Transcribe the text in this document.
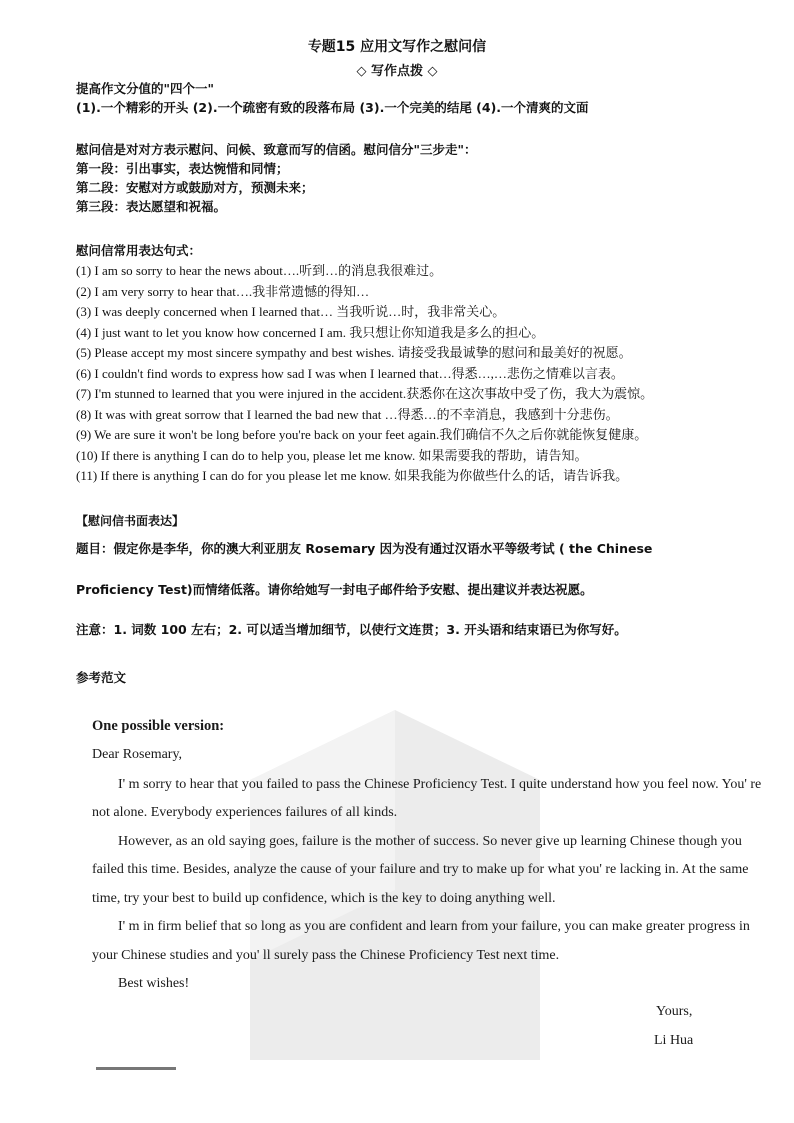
专题15 应用文写作之慰问信
◇ 写作点拨 ◇
提高作文分值的"四个一"
(1).一个精彩的开头 (2).一个疏密有致的段落布局 (3).一个完美的结尾 (4).一个清爽的文面
慰问信是对对方表示慰问、问候、致意而写的信函。慰问信分"三步走"：
第一段：引出事实，表达惋惜和同情；
第二段：安慰对方或鼓励对方，预测未来；
第三段：表达愿望和祝福。
慰问信常用表达句式：
(1) I am so sorry to hear the news about….听到…的消息我很难过。
(2) I am very sorry to hear that….我非常遗憾的得知…
(3) I was deeply concerned when I learned that… 当我听说…时，我非常关心。
(4) I just want to let you know how concerned I am. 我只想让你知道我是多么的担心。
(5) Please accept my most sincere sympathy and best wishes. 请接受我最诚挚的慰问和最美好的祝愿。
(6) I couldn't find words to express how sad I was when I learned that…得悉…,…悲伤之情难以言表。
(7) I'm stunned to learned that you were injured in the accident.获悉你在这次事故中受了伤，我大为震惊。
(8) It was with great sorrow that I learned the bad new that …得悉…的不幸消息，我感到十分悲伤。
(9) We are sure it won't be long before you're back on your feet again.我们确信不久之后你就能恢复健康。
(10) If there is anything I can do to help you, please let me know. 如果需要我的帮助，请告知。
(11) If there is anything I can do for you please let me know. 如果我能为你做些什么的话，请告诉我。
【慰问信书面表达】
题目：假定你是李华，你的澳大利亚朋友 Rosemary 因为没有通过汉语水平等级考试 ( the Chinese
Proficiency Test)而情绪低落。请你给她写一封电子邮件给予安慰、提出建议并表达祝愿。
注意：1. 词数 100 左右；2. 可以适当增加细节，以使行文连贯；3. 开头语和结束语已为你写好。
参考范文
One possible version:
Dear Rosemary,
I' m sorry to hear that you failed to pass the Chinese Proficiency Test. I quite understand how you feel now. You' re
not alone. Everybody experiences failures of all kinds.
However, as an old saying goes, failure is the mother of success. So never give up learning Chinese though you
failed this time. Besides, analyze the cause of your failure and try to make up for what you' re lacking in. At the same
time, try your best to build up confidence, which is the key to doing anything well.
I' m in firm belief that so long as you are confident and learn from your failure, you can make greater progress in
your Chinese studies and you' ll surely pass the Chinese Proficiency Test next time.
Best wishes!
Yours,
Li Hua
